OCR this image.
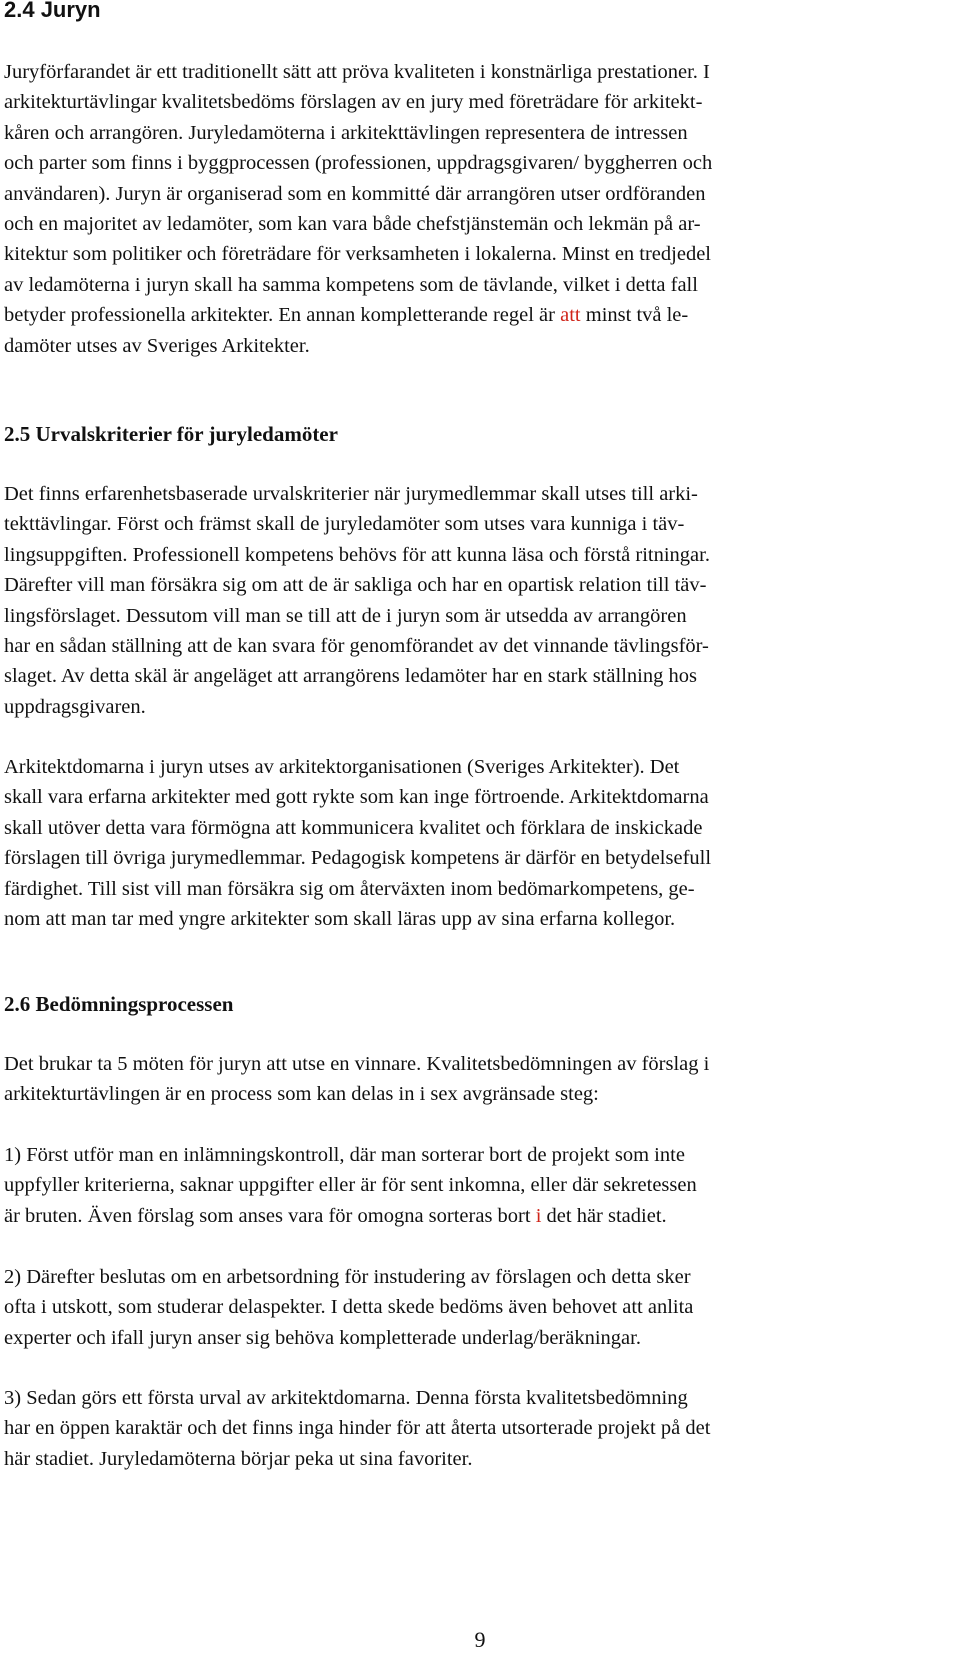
2.4 Juryn

Juryförfarandet är ett traditionellt sätt att pröva kvaliteten i konstnärliga prestationer. I
arkitekturtävlingar kvalitetsbedöms förslagen av en jury med företrädare för arkitekt-
kåren och arrangören. Juryledamöterna i arkitekttävlingen representera de intressen
och parter som finns i byggprocessen (professionen, uppdragsgivaren/ byggherren och
användaren). Juryn är organiserad som en kommitté där arrangören utser ordföranden
och en majoritet av ledamöter, som kan vara både chefstjänstemän och lekmän på ar-
kitektur som politiker och företrädare för verksamheten i lokalerna. Minst en tredjedel
av ledamöterna i juryn skall ha samma kompetens som de tävlande, vilket i detta fall
betyder professionella arkitekter. En annan kompletterande regel är att minst två le-
damöter utses av Sveriges Arkitekter.

2.5 Urvalskriterier för juryledamöter

Det finns erfarenhetsbaserade urvalskriterier när jurymedlemmar skall utses till arki-
tekttävlingar. Först och främst skall de juryledamöter som utses vara kunniga i täv-
lingsuppgiften. Professionell kompetens behövs för att kunna läsa och förstå ritningar.
Därefter vill man försäkra sig om att de är sakliga och har en opartisk relation till täv-
lingsförslaget. Dessutom vill man se till att de i juryn som är utsedda av arrangören
har en sådan ställning att de kan svara för genomförandet av det vinnande tävlingsför-
slaget. Av detta skäl är angeläget att arrangörens ledamöter har en stark ställning hos
uppdragsgivaren.

Arkitektdomarna i juryn utses av arkitektorganisationen (Sveriges Arkitekter). Det
skall vara erfarna arkitekter med gott rykte som kan inge förtroende. Arkitektdomarna
skall utöver detta vara förmögna att kommunicera kvalitet och förklara de inskickade
förslagen till övriga jurymedlemmar. Pedagogisk kompetens är därför en betydelsefull
färdighet. Till sist vill man försäkra sig om återväxten inom bedömarkompetens, ge-
nom att man tar med yngre arkitekter som skall läras upp av sina erfarna kollegor.

2.6 Bedömningsprocessen

Det brukar ta 5 möten för juryn att utse en vinnare. Kvalitetsbedömningen av förslag i
arkitekturtävlingen är en process som kan delas in i sex avgränsade steg:

1) Först utför man en inlämningskontroll, där man sorterar bort de projekt som inte
uppfyller kriterierna, saknar uppgifter eller är för sent inkomna, eller där sekretessen
är bruten. Även förslag som anses vara för omogna sorteras bort i det här stadiet.

2) Därefter beslutas om en arbetsordning för instudering av förslagen och detta sker
ofta i utskott, som studerar delaspekter. I detta skede bedöms även behovet att anlita
experter och ifall juryn anser sig behöva kompletterade underlag/beräkningar.

3) Sedan görs ett första urval av arkitektdomarna. Denna första kvalitetsbedömning
har en öppen karaktär och det finns inga hinder för att återta utsorterade projekt på det
här stadiet. Juryledamöterna börjar peka ut sina favoriter.

9
